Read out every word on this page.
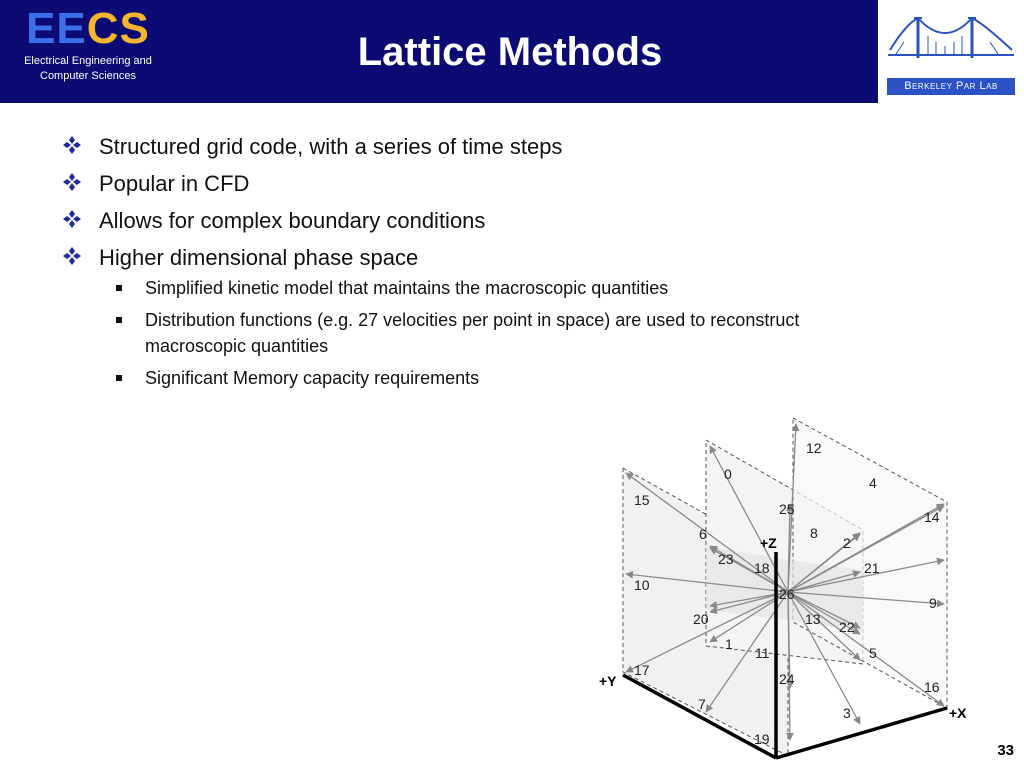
EECS
Electrical Engineering and
Computer Sciences
Lattice Methods
Berkeley Par Lab
Structured grid code, with a series of time steps
Popular in CFD
Allows for complex boundary conditions
Higher dimensional phase space
Simplified kinetic model that maintains the macroscopic quantities
Distribution functions (e.g. 27 velocities per point in space) are used to reconstruct macroscopic quantities
Significant Memory capacity requirements
0
1
2
3
4
5
6
7
8
9
10
11
12
13
14
15
16
17
18
19
20
21
22
23
24
25
26
+Z
+Y
+X
33
